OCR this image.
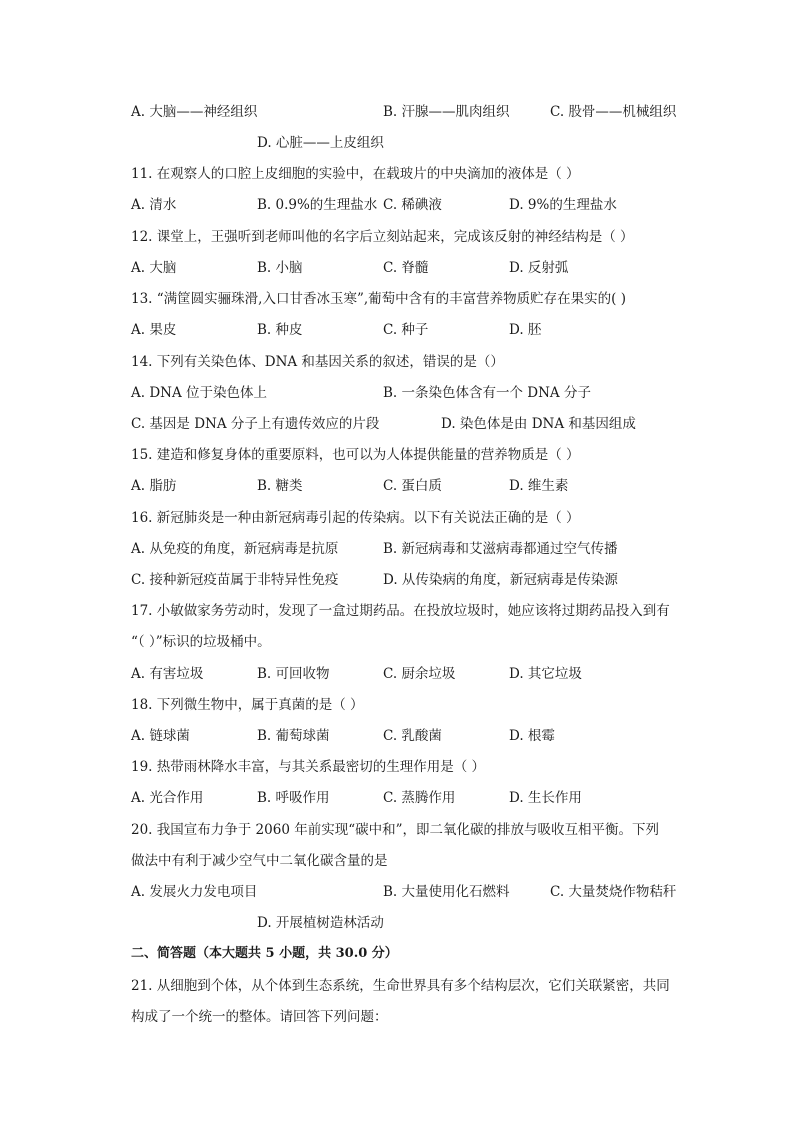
A. 大脑——神经组织	B. 汗腺——肌肉组织	C. 股骨——机械组织
D. 心脏——上皮组织
11. 在观察人的口腔上皮细胞的实验中，在载玻片的中央滴加的液体是（ ）
A. 清水	B. 0.9%的生理盐水 C. 稀碘液	D. 9%的生理盐水
12. 课堂上，王强听到老师叫他的名字后立刻站起来，完成该反射的神经结构是（ ）
A. 大脑	B. 小脑	C. 脊髓	D. 反射弧
13. “满筐圆实骊珠滑,入口甘香冰玉寒”,葡萄中含有的丰富营养物质贮存在果实的( )
A. 果皮	B. 种皮	C. 种子	D. 胚
14. 下列有关染色体、DNA 和基因关系的叙述，错误的是（）
A. DNA 位于染色体上	B. 一条染色体含有一个 DNA 分子
C. 基因是 DNA 分子上有遗传效应的片段	D. 染色体是由 DNA 和基因组成
15. 建造和修复身体的重要原料，也可以为人体提供能量的营养物质是（ ）
A. 脂肪	B. 糖类	C. 蛋白质	D. 维生素
16. 新冠肺炎是一种由新冠病毒引起的传染病。以下有关说法正确的是（ ）
A. 从免疫的角度，新冠病毒是抗原	B. 新冠病毒和艾滋病毒都通过空气传播
C. 接种新冠疫苗属于非特异性免疫	D. 从传染病的角度，新冠病毒是传染源
17. 小敏做家务劳动时，发现了一盒过期药品。在投放垃圾时，她应该将过期药品投入到有
“（ ）”标识的垃圾桶中。
A. 有害垃圾	B. 可回收物	C. 厨余垃圾	D. 其它垃圾
18. 下列微生物中，属于真菌的是（ ）
A. 链球菌	B. 葡萄球菌	C. 乳酸菌	D. 根霉
19. 热带雨林降水丰富，与其关系最密切的生理作用是（ ）
A. 光合作用	B. 呼吸作用	C. 蒸腾作用	D. 生长作用
20. 我国宣布力争于 2060 年前实现“碳中和”，即二氧化碳的排放与吸收互相平衡。下列
做法中有利于减少空气中二氧化碳含量的是
A. 发展火力发电项目	B. 大量使用化石燃料	C. 大量焚烧作物秸秆
D. 开展植树造林活动
二、简答题（本大题共 5 小题，共 30.0 分）
21. 从细胞到个体，从个体到生态系统，生命世界具有多个结构层次，它们关联紧密，共同
构成了一个统一的整体。请回答下列问题：
